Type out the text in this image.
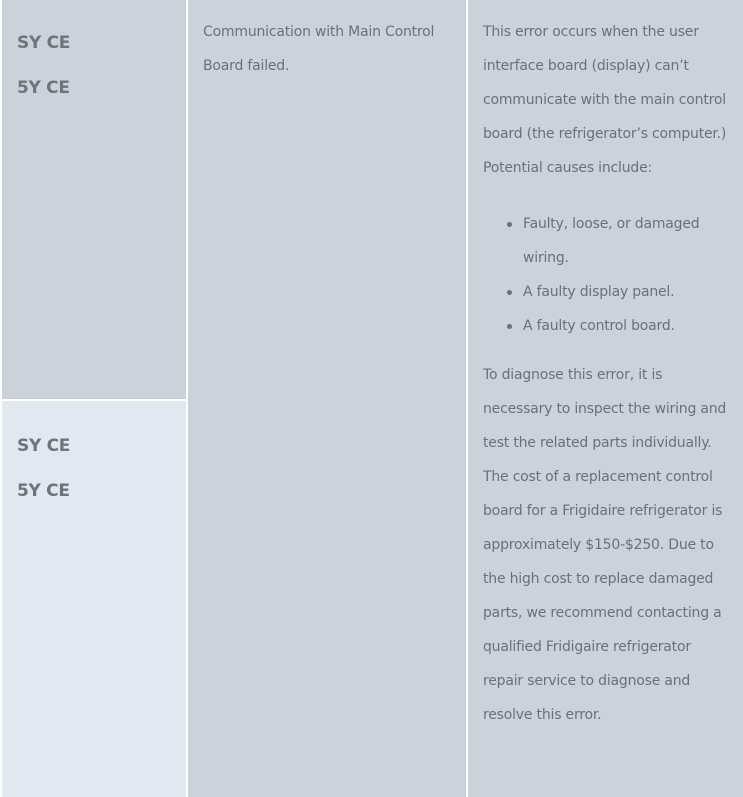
SY CE
5Y CE
SY CE
5Y CE

Communication with Main Control Board failed.

This error occurs when the user interface board (display) can’t communicate with the main control board (the refrigerator’s computer.) Potential causes include:

Faulty, loose, or damaged wiring.
A faulty display panel.
A faulty control board.

To diagnose this error, it is necessary to inspect the wiring and test the related parts individually. The cost of a replacement control board for a Frigidaire refrigerator is approximately $150-$250. Due to the high cost to replace damaged parts, we recommend contacting a qualified Fridigaire refrigerator repair service to diagnose and resolve this error.
